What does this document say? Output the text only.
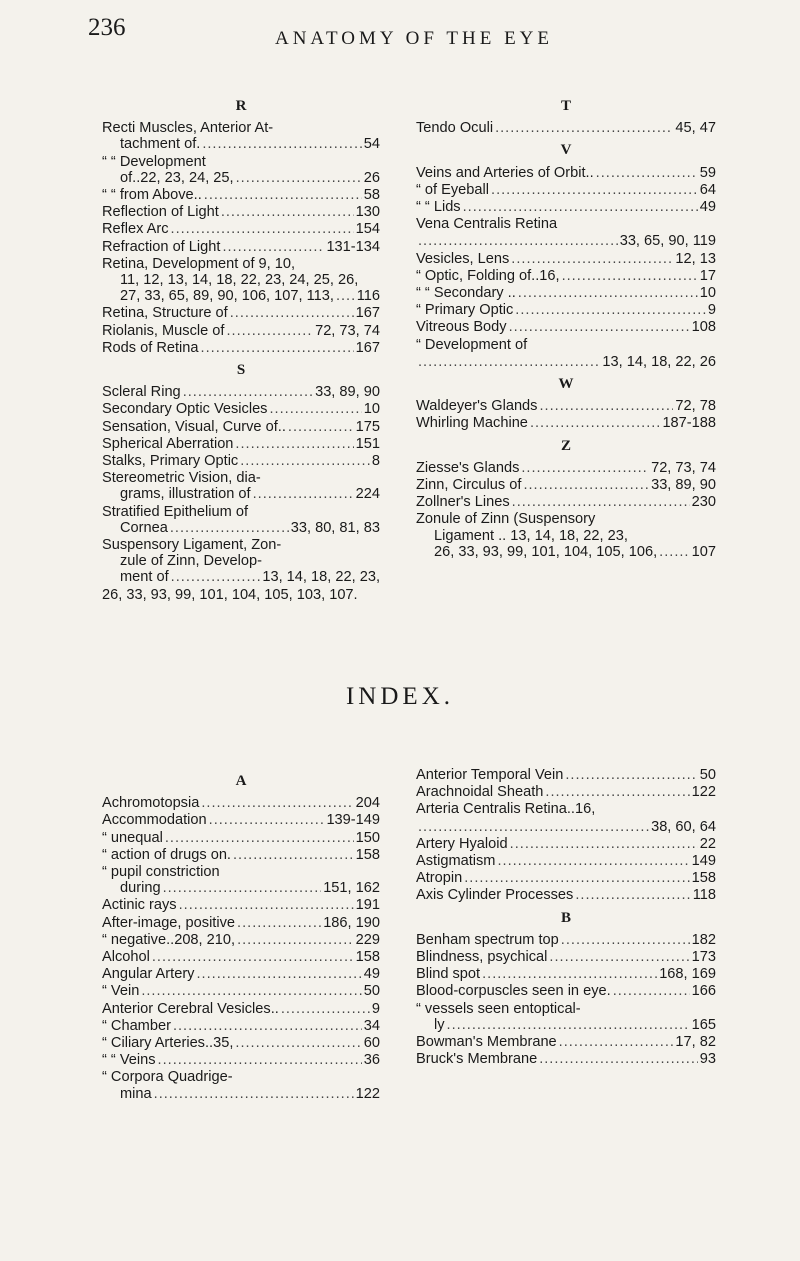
236	ANATOMY OF THE EYE
R
Recti Muscles, Anterior At-
tachment of. .....	54
“ “ Development
of..22, 23, 24, 25, .....	26
“ “ from Above.. .....	58
Reflection of Light .....	130
Reflex Arc .....	154
Refraction of Light .....	131-134
Retina, Development of 9, 10,
11, 12, 13, 14, 18, 22, 23, 24, 25, 26,
27, 33, 65, 89, 90, 106, 107, 113, ..... 116
Retina, Structure of .....	167
Riolanis, Muscle of .....	72, 73, 74
Rods of Retina .....	167
S
Scleral Ring .....	33, 89, 90
Secondary Optic Vesicles .....	10
Sensation, Visual, Curve of.. .....	175
Spherical Aberration .....	151
Stalks, Primary Optic .....	8
Stereometric Vision, dia-
grams, illustration of .....	224
Stratified Epithelium of
Cornea .....	33, 80, 81, 83
Suspensory Ligament, Zon-
zule of Zinn, Develop-
ment of .....	13, 14, 18, 22, 23,
26, 33, 93, 99, 101, 104, 105, 103, 107.
T
Tendo Oculi .....	45, 47
V
Veins and Arteries of Orbit.. .....	59
“ of Eyeball .....	64
“ “ Lids .....	49
Vena Centralis Retina
.....
33, 65, 90, 119
Vesicles, Lens .....	12, 13
“ Optic, Folding of..16, .....	17
“ “ Secondary .. .....	10
“ Primary Optic .....	9
Vitreous Body .....	108
“ Development of
.....
13, 14, 18, 22, 26
W
Waldeyer's Glands .....	72, 78
Whirling Machine .....	187-188
Z
Ziesse's Glands .....	72, 73, 74
Zinn, Circulus of .....	33, 89, 90
Zollner's Lines .....	230
Zonule of Zinn (Suspensory
Ligament .. 13, 14, 18, 22, 23,
26, 33, 93, 99, 101, 104, 105, 106, ..... 107
INDEX.
A
Achromotopsia .....	204
Accommodation .....	139-149
“ unequal .....	150
“ action of drugs on. .....	158
“ pupil constriction
during .....	151, 162
Actinic rays .....	191
After-image, positive .....	186, 190
“ negative..208, 210, .....	229
Alcohol .....	158
Angular Artery .....	49
“ Vein .....	50
Anterior Cerebral Vesicles.. .....	9
“ Chamber .....	34
“ Ciliary Arteries..35, .....	60
“ “ Veins .....	36
“ Corpora Quadrige-
mina .....	122
Anterior Temporal Vein .....	50
Arachnoidal Sheath .....	122
Arteria Centralis Retina..16,
.....
38, 60, 64
Artery Hyaloid .....	22
Astigmatism .....	149
Atropin .....	158
Axis Cylinder Processes .....	118
B
Benham spectrum top .....	182
Blindness, psychical .....	173
Blind spot .....	168, 169
Blood-corpuscles seen in eye. .....	166
“ vessels seen entoptical-
ly .....	165
Bowman's Membrane .....	17, 82
Bruck's Membrane .....	93
